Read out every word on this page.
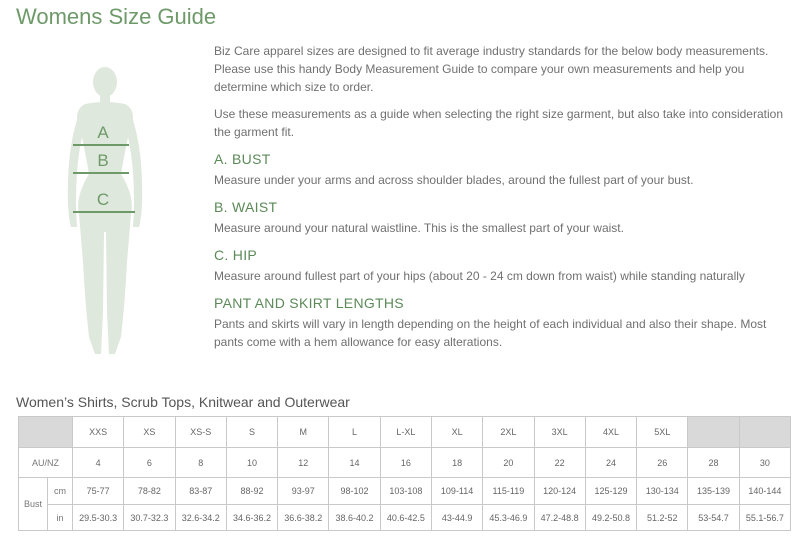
Womens Size Guide
A
B
C

Biz Care apparel sizes are designed to fit average industry standards for the below body measurements. Please use this handy Body Measurement Guide to compare your own measurements and help you determine which size to order.

Use these measurements as a guide when selecting the right size garment, but also take into consideration the garment fit.

A. BUST

Measure under your arms and across shoulder blades, around the fullest part of your bust.

B. WAIST

Measure around your natural waistline. This is the smallest part of your waist.

C. HIP

Measure around fullest part of your hips (about 20 - 24 cm down from waist) while standing naturally

PANT AND SKIRT LENGTHS

Pants and skirts will vary in length depending on the height of each individual and also their shape. Most pants come with a hem allowance for easy alterations.

Women’s Shirts, Scrub Tops, Knitwear and Outerwear
		XXS	XS	XS-S	S	M	L	L-XL	XL	2XL	3XL	4XL	5XL		
AU/NZ		4	6	8	10	12	14	16	18	20	22	24	26	28	30
Bust	cm	75-77	78-82	83-87	88-92	93-97	98-102	103-108	109-114	115-119	120-124	125-129	130-134	135-139	140-144
	in	29.5-30.3	30.7-32.3	32.6-34.2	34.6-36.2	36.6-38.2	38.6-40.2	40.6-42.5	43-44.9	45.3-46.9	47.2-48.8	49.2-50.8	51.2-52	53-54.7	55.1-56.7
